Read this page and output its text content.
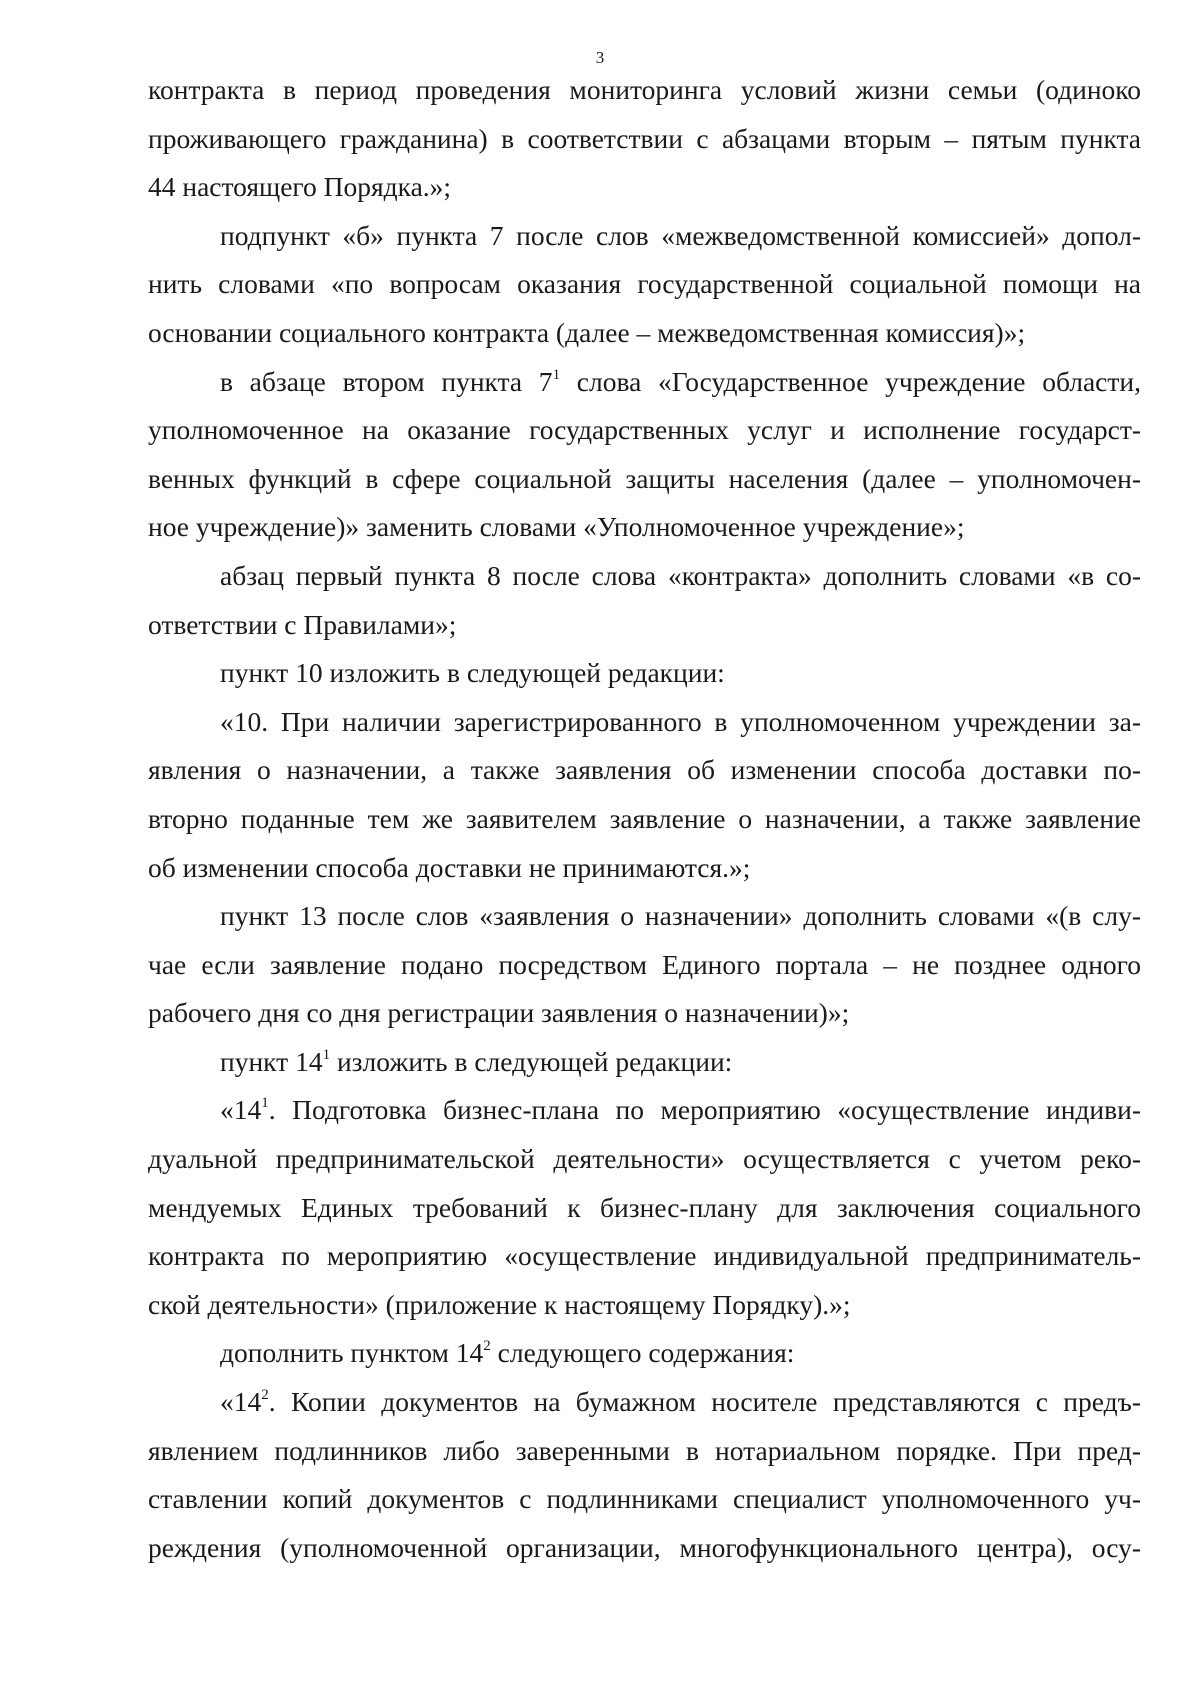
3
контракта в период проведения мониторинга условий жизни семьи (одиноко
проживающего гражданина) в соответствии с абзацами вторым – пятым пункта
44 настоящего Порядка.»;
подпункт «б» пункта 7 после слов «межведомственной комиссией» допол-
нить словами «по вопросам оказания государственной социальной помощи на
основании социального контракта (далее – межведомственная комиссия)»;
в абзаце втором пункта $7^1$ слова «Государственное учреждение области,
уполномоченное на оказание государственных услуг и исполнение государст-
венных функций в сфере социальной защиты населения (далее – уполномочен-
ное учреждение)» заменить словами «Уполномоченное учреждение»;
абзац первый пункта 8 после слова «контракта» дополнить словами «в со-
ответствии с Правилами»;
пункт 10 изложить в следующей редакции:
«10. При наличии зарегистрированного в уполномоченном учреждении за-
явления о назначении, а также заявления об изменении способа доставки по-
вторно поданные тем же заявителем заявление о назначении, а также заявление
об изменении способа доставки не принимаются.»;
пункт 13 после слов «заявления о назначении» дополнить словами «(в слу-
чае если заявление подано посредством Единого портала – не позднее одного
рабочего дня со дня регистрации заявления о назначении)»;
пункт $14^1$ изложить в следующей редакции:
«$14^1$. Подготовка бизнес-плана по мероприятию «осуществление индиви-
дуальной предпринимательской деятельности» осуществляется с учетом реко-
мендуемых Единых требований к бизнес-плану для заключения социального
контракта по мероприятию «осуществление индивидуальной предприниматель-
ской деятельности» (приложение к настоящему Порядку).»;
дополнить пунктом $14^2$ следующего содержания:
«$14^2$. Копии документов на бумажном носителе представляются с предъ-
явлением подлинников либо заверенными в нотариальном порядке. При пред-
ставлении копий документов с подлинниками специалист уполномоченного уч-
реждения (уполномоченной организации, многофункционального центра), осу-
